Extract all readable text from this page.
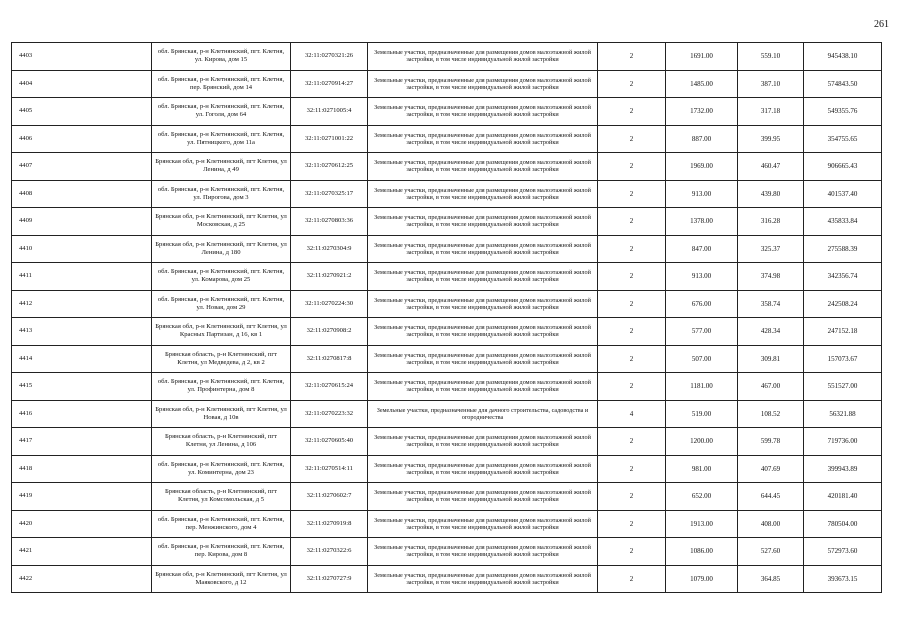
261
4403	обл. Брянская, р-н Клетнянский, пгт. Клетня, ул. Кирова, дом 15	32:11:0270321:26	Земельные участки, предназначенные для размещения домов малоэтажной жилой застройки, в том числе индивидуальной жилой застройки	2	1691.00	559.10	945438.10
4404	обл. Брянская, р-н Клетнянский, пгт. Клетня, пер. Брянский, дом 14	32:11:0270914:27	Земельные участки, предназначенные для размещения домов малоэтажной жилой застройки, в том числе индивидуальной жилой застройки	2	1485.00	387.10	574843.50
4405	обл. Брянская, р-н Клетнянский, пгт. Клетня, ул. Гоголя, дом 64	32:11:0271005:4	Земельные участки, предназначенные для размещения домов малоэтажной жилой застройки, в том числе индивидуальной жилой застройки	2	1732.00	317.18	549355.76
4406	обл. Брянская, р-н Клетнянский, пгт. Клетня, ул. Пятницкого, дом 11а	32:11:0271001:22	Земельные участки, предназначенные для размещения домов малоэтажной жилой застройки, в том числе индивидуальной жилой застройки	2	887.00	399.95	354755.65
4407	Брянская обл, р-н Клетнянский, пгт Клетня, ул Ленина, д 49	32:11:0270612:25	Земельные участки, предназначенные для размещения домов малоэтажной жилой застройки, в том числе индивидуальной жилой застройки	2	1969.00	460.47	906665.43
4408	обл. Брянская, р-н Клетнянский, пгт. Клетня, ул. Пирогова, дом 3	32:11:0270325:17	Земельные участки, предназначенные для размещения домов малоэтажной жилой застройки, в том числе индивидуальной жилой застройки	2	913.00	439.80	401537.40
4409	Брянская обл, р-н Клетнянский, пгт Клетня, ул Московская, д 25	32:11:0270803:36	Земельные участки, предназначенные для размещения домов малоэтажной жилой застройки, в том числе индивидуальной жилой застройки	2	1378.00	316.28	435833.84
4410	Брянская обл, р-н Клетнянский, пгт Клетня, ул Ленина, д 180	32:11:0270304:9	Земельные участки, предназначенные для размещения домов малоэтажной жилой застройки, в том числе индивидуальной жилой застройки	2	847.00	325.37	275588.39
4411	обл. Брянская, р-н Клетнянский, пгт. Клетня, ул. Комарова, дом 25	32:11:0270921:2	Земельные участки, предназначенные для размещения домов малоэтажной жилой застройки, в том числе индивидуальной жилой застройки	2	913.00	374.98	342356.74
4412	обл. Брянская, р-н Клетнянский, пгт. Клетня, ул. Новая, дом 29	32:11:0270224:30	Земельные участки, предназначенные для размещения домов малоэтажной жилой застройки, в том числе индивидуальной жилой застройки	2	676.00	358.74	242508.24
4413	Брянская обл, р-н Клетнянский, пгт Клетня, ул Красных Партизан, д 16, кв 1	32:11:0270908:2	Земельные участки, предназначенные для размещения домов малоэтажной жилой застройки, в том числе индивидуальной жилой застройки	2	577.00	428.34	247152.18
4414	Брянская область, р-н Клетнянский, пгт Клетня, ул Медведева, д 2, кв 2	32:11:0270817:8	Земельные участки, предназначенные для размещения домов малоэтажной жилой застройки, в том числе индивидуальной жилой застройки	2	507.00	309.81	157073.67
4415	обл. Брянская, р-н Клетнянский, пгт. Клетня, ул. Профинтерна, дом 8	32:11:0270615:24	Земельные участки, предназначенные для размещения домов малоэтажной жилой застройки, в том числе индивидуальной жилой застройки	2	1181.00	467.00	551527.00
4416	Брянская обл, р-н Клетнянский, пгт Клетня, ул Новая, д 10в	32:11:0270223:32	Земельные участки, предназначенные для дачного строительства, садоводства и огородничества	4	519.00	108.52	56321.88
4417	Брянская область, р-н Клетнянский, пгт Клетня, ул Ленина, д 106	32:11:0270605:40	Земельные участки, предназначенные для размещения домов малоэтажной жилой застройки, в том числе индивидуальной жилой застройки	2	1200.00	599.78	719736.00
4418	обл. Брянская, р-н Клетнянский, пгт. Клетня, ул. Коминтерна, дом 23	32:11:0270514:11	Земельные участки, предназначенные для размещения домов малоэтажной жилой застройки, в том числе индивидуальной жилой застройки	2	981.00	407.69	399943.89
4419	Брянская область, р-н Клетнянский, пгт Клетня, ул Комсомольская, д 5	32:11:0270602:7	Земельные участки, предназначенные для размещения домов малоэтажной жилой застройки, в том числе индивидуальной жилой застройки	2	652.00	644.45	420181.40
4420	обл. Брянская, р-н Клетнянский, пгт. Клетня, пер. Менжинского, дом 4	32:11:0270919:8	Земельные участки, предназначенные для размещения домов малоэтажной жилой застройки, в том числе индивидуальной жилой застройки	2	1913.00	408.00	780504.00
4421	обл. Брянская, р-н Клетнянский, пгт. Клетня, пер. Кирова, дом 8	32:11:0270322:6	Земельные участки, предназначенные для размещения домов малоэтажной жилой застройки, в том числе индивидуальной жилой застройки	2	1086.00	527.60	572973.60
4422	Брянская обл, р-н Клетнянский, пгт Клетня, ул Маяковского, д 12	32:11:0270727:9	Земельные участки, предназначенные для размещения домов малоэтажной жилой застройки, в том числе индивидуальной жилой застройки	2	1079.00	364.85	393673.15
